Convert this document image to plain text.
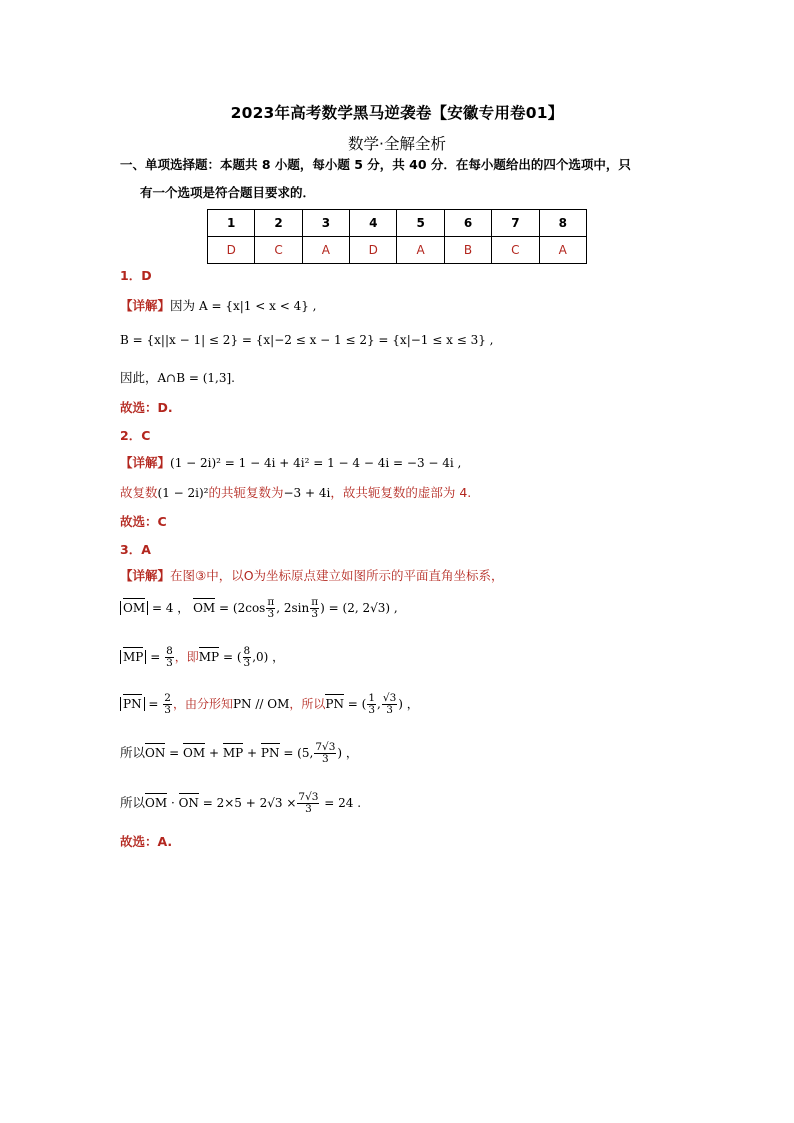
2023年高考数学黑马逆袭卷【安徽专用卷01】
数学·全解全析
一、单项选择题：本题共 8 小题，每小题 5 分，共 40 分．在每小题给出的四个选项中，只
有一个选项是符合题目要求的．
1	2	3	4	5	6	7	8
D	C	A	D	A	B	C	A
1．D
【详解】因为 A = {x|1 < x < 4} ,
B = {x||x − 1| ≤ 2} = {x|−2 ≤ x − 1 ≤ 2} = {x|−1 ≤ x ≤ 3} ,
因此，A∩B = (1,3].
故选：D.
2．C
【详解】(1 − 2i)² = 1 − 4i + 4i² = 1 − 4 − 4i = −3 − 4i ,
故复数(1 − 2i)²的共轭复数为−3 + 4i，故共轭复数的虚部为 4.
故选：C
3．A
【详解】在图③中，以O为坐标原点建立如图所示的平面直角坐标系，
OM = 4 ， OM = ($2\cos \frac{\pi}{3}$ , $2\sin \frac{\pi}{3}$ ) = (2, 2√3) ,
MP = $\frac{8}{3}$ ，即MP = ( $\frac{8}{3} ,0$) ，
PN = $\frac{2}{3}$ ，由分形知PN // OM，所以PN = ( $\frac{1}{3}$ , $\frac{√3}{3}$ ) ，
所以ON = OM + MP + PN = (5, $\frac{7√3}{3}$ ) ，
所以OM · ON = $2\times 5 + 2√3 \times \frac{7√3}{3} = 24$ .
故选：A.
